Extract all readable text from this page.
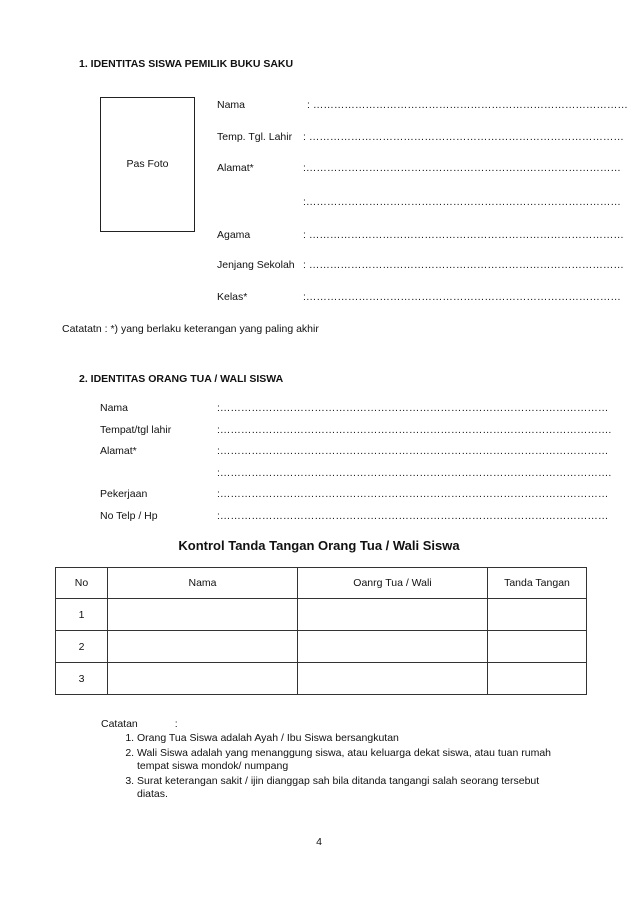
1. IDENTITAS SISWA PEMILIK BUKU SAKU
Pas Foto
Nama	: ………………………………………………………………………………
Temp. Tgl. Lahir : ………………………………………………………………………………
Alamat*	:………………………………………………………………………………
:………………………………………………………………………………
Agama	: ………………………………………………………………………………
Jenjang Sekolah : ………………………………………………………………………………
Kelas*	:………………………………………………………………………………
Catatatn : *) yang berlaku keterangan yang paling akhir
2. IDENTITAS ORANG TUA / WALI SISWA
Nama	:…………………………………………………………………………………………………
Tempat/tgl lahir	:………………………………………………………………………………………………….
Alamat*	:…………………………………………………………………………………………………
:………………………………………………………………………………………………….
Pekerjaan	:…………………………………………………………………………………………………
No Telp / Hp	:…………………………………………………………………………………………………
Kontrol Tanda Tangan Orang Tua / Wali Siswa
No	Nama	Oanrg Tua / Wali	Tanda Tangan
1			
2			
3			
Catatan	:
1. Orang Tua Siswa adalah Ayah / Ibu Siswa bersangkutan
2. Wali Siswa adalah yang menanggung siswa, atau keluarga dekat siswa, atau tuan rumah tempat siswa mondok/ numpang
3. Surat keterangan sakit / ijin dianggap sah bila ditanda tangangi salah seorang tersebut diatas.
4
